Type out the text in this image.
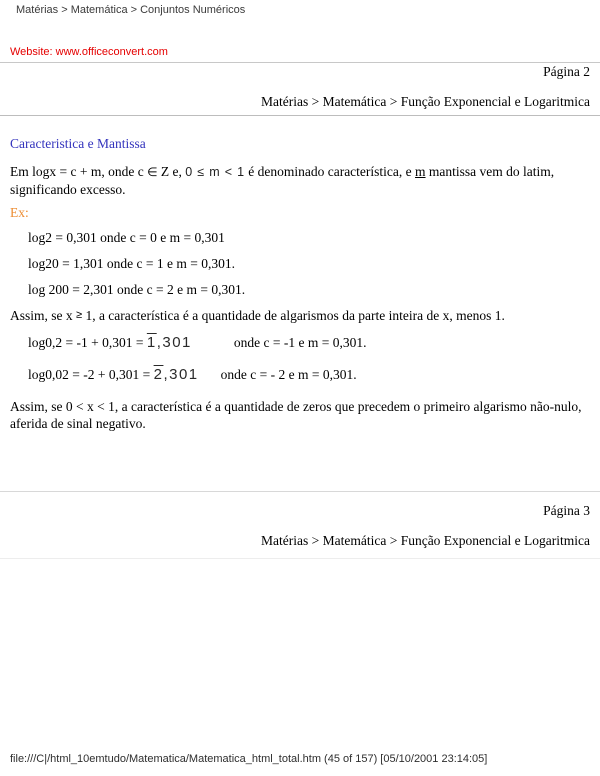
Matérias > Matemática > Conjuntos Numéricos
Website: www.officeconvert.com
Página 2
Matérias > Matemática > Função Exponencial e Logaritmica
Caracteristica e Mantissa

Em logx = c + m, onde c ∈ Z e, 0 ≤ m < 1 é denominado característica, e m mantissa vem do latim, significando excesso.

Ex:
log2 = 0,301 onde c = 0 e m = 0,301
log20 = 1,301 onde c = 1 e m = 0,301.
log 200 = 2,301 onde c = 2 e m = 0,301.

Assim, se x ≥ 1, a característica é a quantidade de algarismos da parte inteira de x, menos 1.

log0,2 = -1 + 0,301 = 1,301	onde c = -1 e m = 0,301.
log0,02 = -2 + 0,301 = 2,301 onde c = - 2 e m = 0,301.

Assim, se 0 < x < 1, a característica é a quantidade de zeros que precedem o primeiro algarismo não-nulo, aferida de sinal negativo.

Página 3
Matérias > Matemática > Função Exponencial e Logaritmica
file:///C|/html_10emtudo/Matematica/Matematica_html_total.htm (45 of 157) [05/10/2001 23:14:05]
